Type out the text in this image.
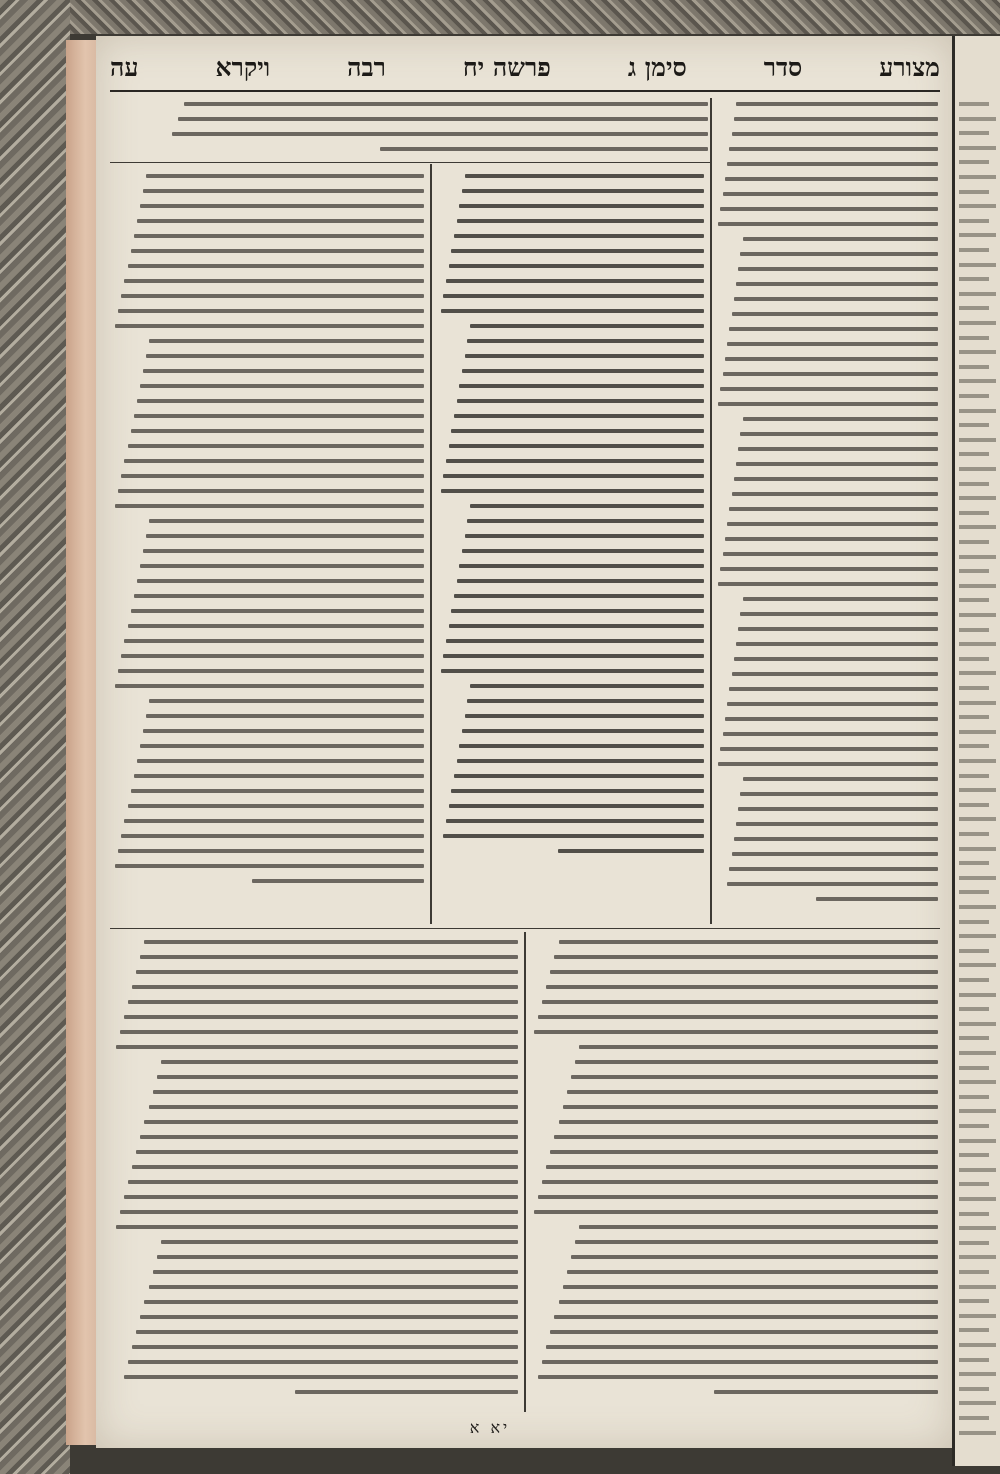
עה	ויקרא	רבה	פרשה יח	סימן ג	סדר	מצורע
יא א
